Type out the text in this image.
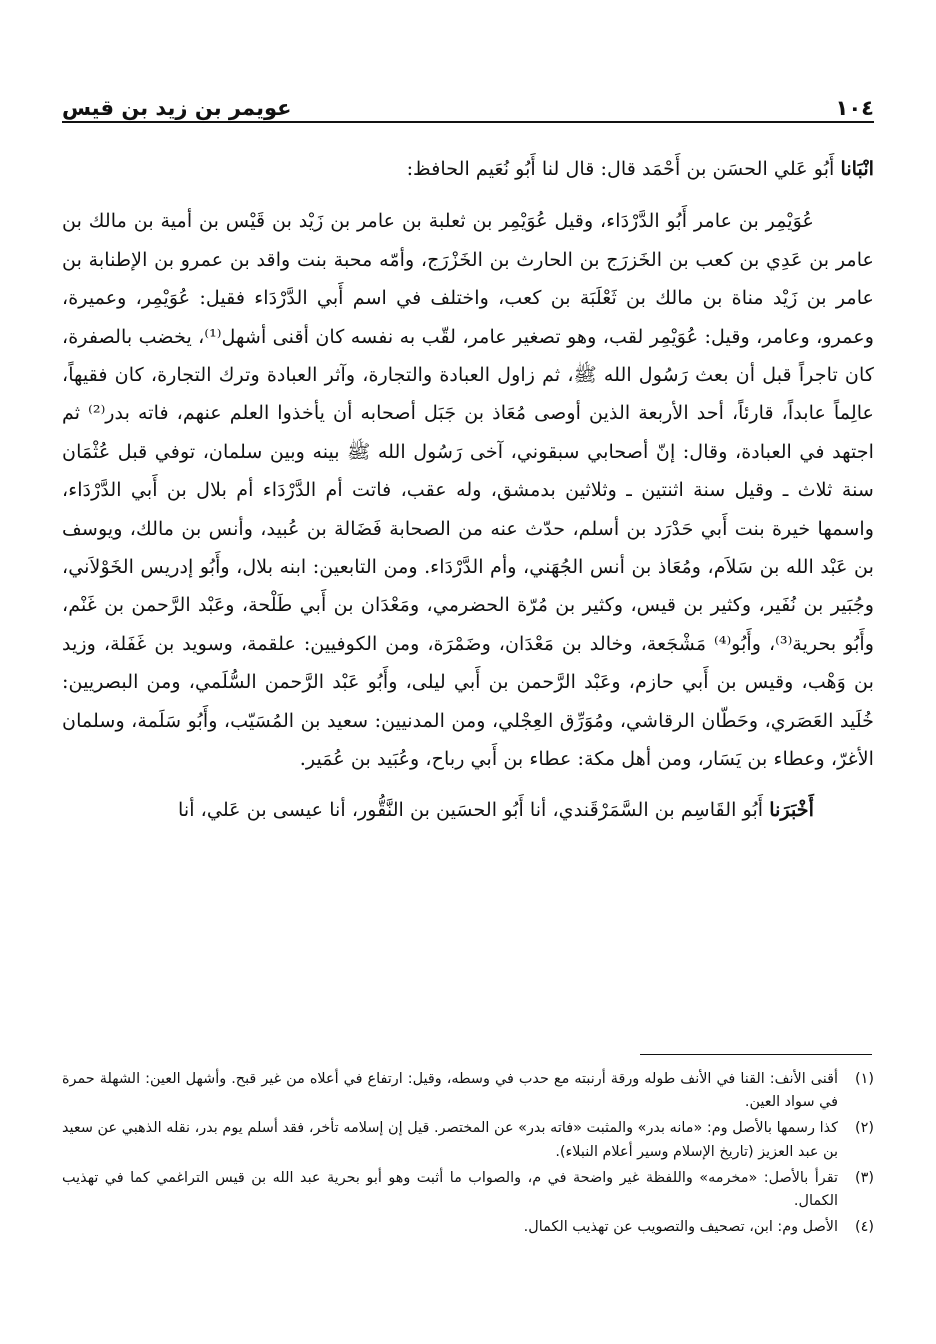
١٠٤
عويمر بن زيد بن قيس

انْبَانا أَبُو عَلي الحسَن بن أَحْمَد قال: قال لنا أَبُو نُعَيم الحافظ:

عُوَيْمِر بن عامر أَبُو الدَّرْدَاء، وقيل عُوَيْمِر بن ثعلبة بن عامر بن زَيْد بن قَيْس بن أمية بن مالك بن عامر بن عَدِي بن كعب بن الخَزرَج بن الحارث بن الخَزْرَج، وأمّه محبة بنت واقد بن عمرو بن الإطنابة بن عامر بن زَيْد مناة بن مالك بن ثَعْلَبَة بن كعب، واختلف في اسم أَبي الدَّرْدَاء فقيل: عُوَيْمِر، وعميرة، وعمرو، وعامر، وقيل: عُوَيْمِر لقب، وهو تصغير عامر، لقّب به نفسه كان أقنى أشهل⁽¹⁾، يخضب بالصفرة، كان تاجراً قبل أن بعث رَسُول الله ﷺ، ثم زاول العبادة والتجارة، وآثر العبادة وترك التجارة، كان فقيهاً، عالِماً عابداً، قارئاً، أحد الأربعة الذين أوصى مُعَاذ بن جَبَل أصحابه أن يأخذوا العلم عنهم، فاته بدر⁽²⁾ ثم اجتهد في العبادة، وقال: إنّ أصحابي سبقوني، آخى رَسُول الله ﷺ بينه وبين سلمان، توفي قبل عُثْمَان سنة ثلاث ـ وقيل سنة اثنتين ـ وثلاثين بدمشق، وله عقب، فاتت أم الدَّرْدَاء أم بلال بن أَبي الدَّرْدَاء، واسمها خيرة بنت أَبي حَدْرَد بن أسلم، حدّث عنه من الصحابة فَضَالة بن عُبيد، وأنس بن مالك، ويوسف بن عَبْد الله بن سَلاَم، ومُعَاذ بن أنس الجُهَني، وأم الدَّرْدَاء. ومن التابعين: ابنه بلال، وأَبُو إدريس الخَوْلاَني، وجُبَير بن نُفَير، وكثير بن قيس، وكثير بن مُرّة الحضرمي، ومَعْدَان بن أَبي طَلْحة، وعَبْد الرَّحمن بن غَنْم، وأَبُو بحرية⁽³⁾، وأَبُو⁽⁴⁾ مَشْجَعة، وخالد بن مَعْدَان، وضَمْرَة، ومن الكوفيين: علقمة، وسويد بن غَفَلة، وزيد بن وَهْب، وقيس بن أَبي حازم، وعَبْد الرَّحمن بن أَبي ليلى، وأَبُو عَبْد الرَّحمن السُّلَمي، ومن البصريين: خُلَيد العَصَري، وحَطّان الرقاشي، ومُوَرِّق العِجْلي، ومن المدنيين: سعيد بن المُسَيّب، وأَبُو سَلَمة، وسلمان الأغرّ، وعطاء بن يَسَار، ومن أهل مكة: عطاء بن أَبي رباح، وعُبَيد بن عُمَير.

أَخْبَرَنا أَبُو القَاسِم بن السَّمَرْقَندي، أنا أَبُو الحسَين بن النَّقُّور، أنا عيسى بن عَلي، أنا

(١)
أقنى الأنف: القنا في الأنف طوله ورقة أرنبته مع حدب في وسطه، وقيل: ارتفاع في أعلاه من غير قبح. وأشهل العين: الشهلة حمرة في سواد العين.
(٢)
كذا رسمها بالأصل وم: «مانه بدر» والمثبت «فاته بدر» عن المختصر. قيل إن إسلامه تأخر، فقد أسلم يوم بدر، نقله الذهبي عن سعيد بن عبد العزيز (تاريخ الإسلام وسير أعلام النبلاء).
(٣)
تقرأ بالأصل: «مخرمه» واللفظة غير واضحة في م، والصواب ما أثبت وهو أبو بحرية عبد الله بن قيس التراغمي كما في تهذيب الكمال.
(٤)
الأصل وم: ابن، تصحيف والتصويب عن تهذيب الكمال.
